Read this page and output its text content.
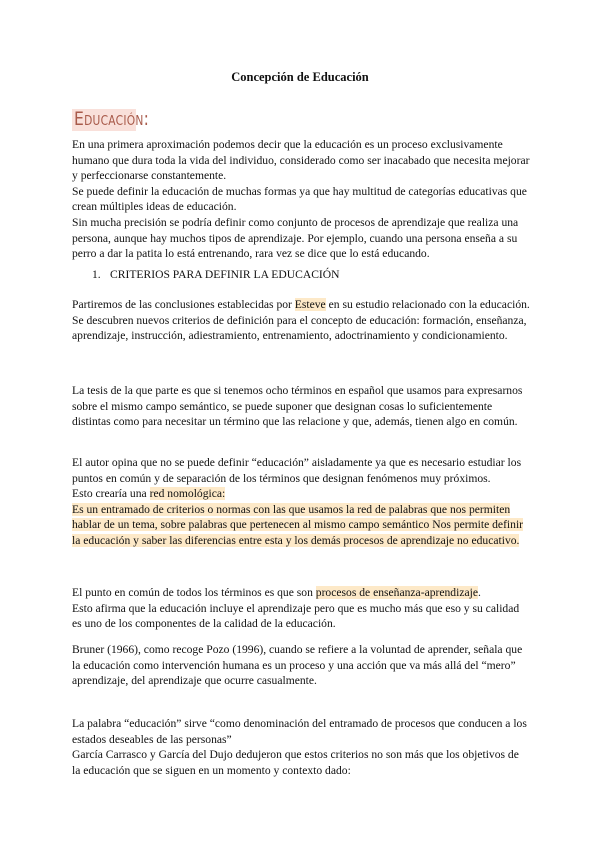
Concepción de Educación
Educación:

En una primera aproximación podemos decir que la educación es un proceso exclusivamente humano que dura toda la vida del individuo, considerado como ser inacabado que necesita mejorar y perfeccionarse constantemente.

Se puede definir la educación de muchas formas ya que hay multitud de categorías educativas que crean múltiples ideas de educación.

Sin mucha precisión se podría definir como conjunto de procesos de aprendizaje que realiza una persona, aunque hay muchos tipos de aprendizaje. Por ejemplo, cuando una persona enseña a su perro a dar la patita lo está entrenando, rara vez se dice que lo está educando.

1. CRITERIOS PARA DEFINIR LA EDUCACIÓN

Partiremos de las conclusiones establecidas por Esteve en su estudio relacionado con la educación.

Se descubren nuevos criterios de definición para el concepto de educación: formación, enseñanza, aprendizaje, instrucción, adiestramiento, entrenamiento, adoctrinamiento y condicionamiento.

La tesis de la que parte es que si tenemos ocho términos en español que usamos para expresarnos sobre el mismo campo semántico, se puede suponer que designan cosas lo suficientemente distintas como para necesitar un término que las relacione y que, además, tienen algo en común.

El autor opina que no se puede definir “educación” aisladamente ya que es necesario estudiar los puntos en común y de separación de los términos que designan fenómenos muy próximos.

Esto crearía una red nomológica:

Es un entramado de criterios o normas con las que usamos la red de palabras que nos permiten hablar de un tema, sobre palabras que pertenecen al mismo campo semántico Nos permite definir la educación y saber las diferencias entre esta y los demás procesos de aprendizaje no educativo.

El punto en común de todos los términos es que son procesos de enseñanza-aprendizaje.

Esto afirma que la educación incluye el aprendizaje pero que es mucho más que eso y su calidad es uno de los componentes de la calidad de la educación.

Bruner (1966), como recoge Pozo (1996), cuando se refiere a la voluntad de aprender, señala que la educación como intervención humana es un proceso y una acción que va más allá del “mero” aprendizaje, del aprendizaje que ocurre casualmente.

La palabra “educación” sirve “como denominación del entramado de procesos que conducen a los estados deseables de las personas”

García Carrasco y García del Dujo dedujeron que estos criterios no son más que los objetivos de la educación que se siguen en un momento y contexto dado:
